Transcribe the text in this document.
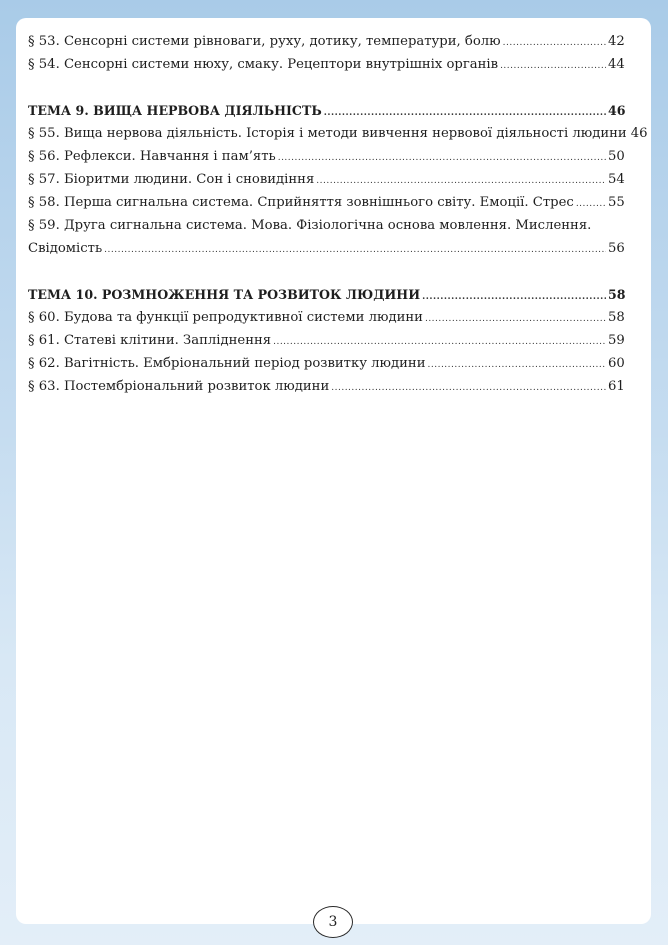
§ 53. Сенсорні системи рівноваги, руху, дотику, температури, болю .....	42
§ 54. Сенсорні системи нюху, смаку. Рецептори внутрішніх органів .....	44
ТЕМА 9. ВИЩА НЕРВОВА ДІЯЛЬНІСТЬ .....	46
§ 55. Вища нервова діяльність. Історія і методи вивчення нервової діяльності людини 46
§ 56. Рефлекси. Навчання і пам’ять .....	50
§ 57. Біоритми людини. Сон і сновидіння .....	54
§ 58. Перша сигнальна система. Сприйняття зовнішнього світу. Емоції. Стрес .....	55
§ 59. Друга сигнальна система. Мова. Фізіологічна основа мовлення. Мислення.
Свідомість .....	56
ТЕМА 10. РОЗМНОЖЕННЯ ТА РОЗВИТОК ЛЮДИНИ .....	58
§ 60. Будова та функції репродуктивної системи людини .....	58
§ 61. Статеві клітини. Запліднення .....	59
§ 62. Вагітність. Ембріональний період розвитку людини .....	60
§ 63. Постембріональний розвиток людини .....	61
NATALIA
ZARVA
3
